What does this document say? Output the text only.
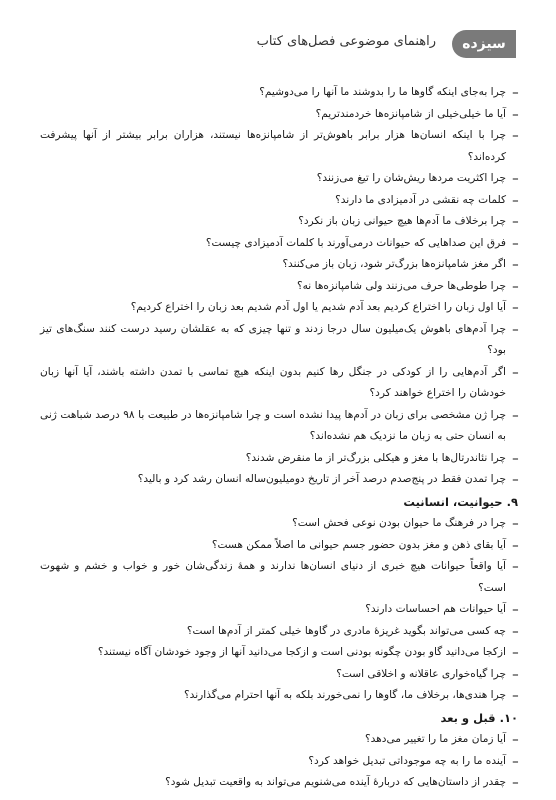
سیزده
راهنمای موضوعی فصل‌های کتاب
_ چرا به‌جای اینکه گاوها ما را بدوشند ما آنها را می‌دوشیم؟
_ آیا ما خیلی‌خیلی از شامپانزه‌ها خردمندتریم؟
_ چرا با اینکه انسان‌ها هزار برابر باهوش‌تر از شامپانزه‌ها نیستند، هزاران برابر بیشتر از آنها پیشرفت کرده‌اند؟
_ چرا اکثریت مردها ریش‌شان را تیغ می‌زنند؟
_ کلمات چه نقشی در آدمیزادی ما دارند؟
_ چرا برخلاف ما آدم‌ها هیچ حیوانی زبان باز نکرد؟
_ فرق این صداهایی که حیوانات درمی‌آورند با کلمات آدمیزادی چیست؟
_ اگر مغز شامپانزه‌ها بزرگ‌تر شود، زبان باز می‌کنند؟
_ چرا طوطی‌ها حرف می‌زنند ولی شامپانزه‌ها نه؟
_ آیا اول زبان را اختراع کردیم بعد آدم شدیم یا اول آدم شدیم بعد زبان را اختراع کردیم؟
_ چرا آدم‌های باهوش یک‌میلیون سال درجا زدند و تنها چیزی که به عقلشان رسید درست کنند سنگ‌های تیز بود؟
_ اگر آدم‌هایی را از کودکی در جنگل رها کنیم بدون اینکه هیچ تماسی با تمدن داشته باشند، آیا آنها زبان خودشان را اختراع خواهند کرد؟
_ چرا ژن مشخصی برای زبان در آدم‌ها پیدا نشده است و چرا شامپانزه‌ها در طبیعت با ۹۸ درصد شباهت ژنی به انسان حتی به زبان ما نزدیک هم نشده‌اند؟
_ چرا نئاندرتال‌ها با مغز و هیکلی بزرگ‌تر از ما منقرض شدند؟
_ چرا تمدن فقط در پنج‌صدم درصد آخر از تاریخ دومیلیون‌ساله انسان رشد کرد و بالید؟
۹. حیوانیت، انسانیت
_ چرا در فرهنگ ما حیوان بودن نوعی فحش است؟
_ آیا بقای ذهن و مغز بدون حضور جسم حیوانی ما اصلاً ممکن هست؟
_ آیا واقعاً حیوانات هیچ خبری از دنیای انسان‌ها ندارند و همهٔ زندگی‌شان خور و خواب و خشم و شهوت است؟
_ آیا حیوانات هم احساسات دارند؟
_ چه کسی می‌تواند بگوید غریزهٔ مادری در گاوها خیلی کمتر از آدم‌ها است؟
_ ازکجا می‌دانید گاو بودن چگونه بودنی است و ازکجا می‌دانید آنها از وجود خودشان آگاه نیستند؟
_ چرا گیاه‌خواری عاقلانه و اخلاقی است؟
_ چرا هندی‌ها، برخلاف ما، گاوها را نمی‌خورند بلکه به آنها احترام می‌گذارند؟
۱۰. قبل و بعد
_ آیا زمان مغز ما را تغییر می‌دهد؟
_ آینده ما را به چه موجوداتی تبدیل خواهد کرد؟
_ چقدر از داستان‌هایی که دربارهٔ آینده می‌شنویم می‌تواند به واقعیت تبدیل شود؟
